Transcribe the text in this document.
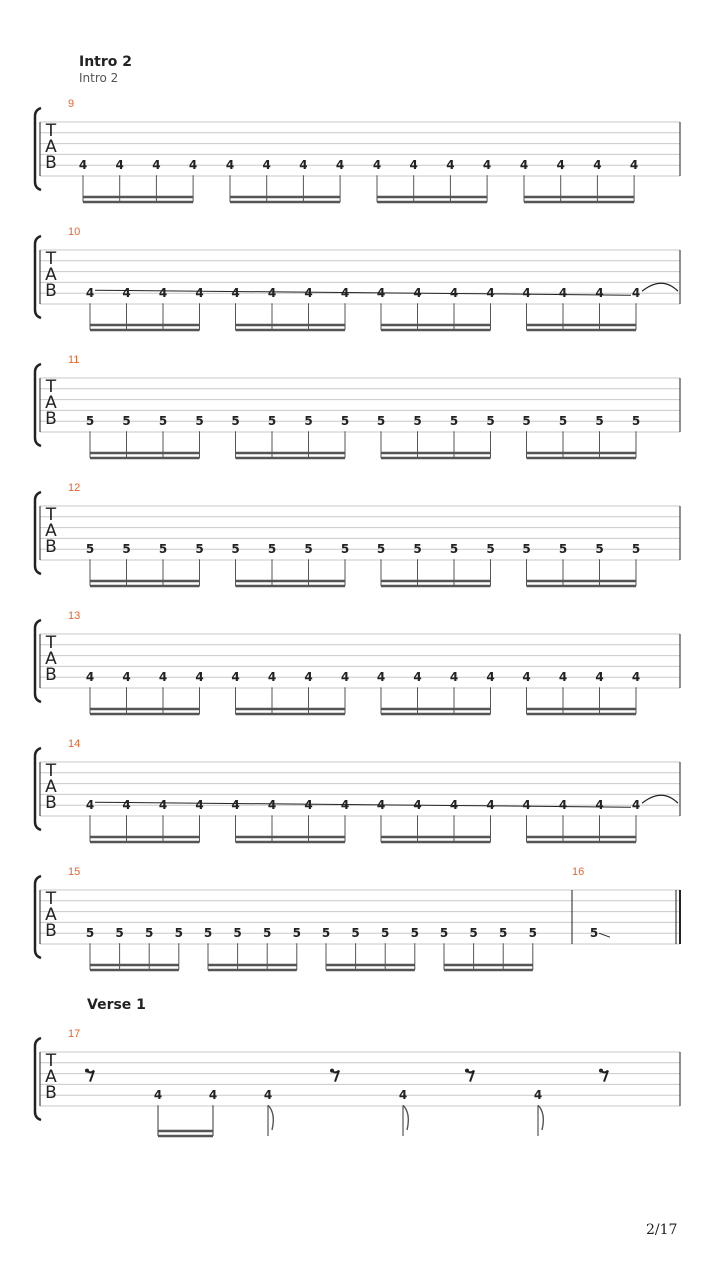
Intro 2
Intro 2
Verse 1
2/17
T
A
B
9
4 4 4 4 4 4 4 4 4 4 4 4 4 4 4 4
T
A
B
10
4 4 4 4 4 4 4 4 4 4 4 4 4 4 4 4
T
A
B
11
5 5 5 5 5 5 5 5 5 5 5 5 5 5 5 5
T
A
B
12
5 5 5 5 5 5 5 5 5 5 5 5 5 5 5 5
T
A
B
13
4 4 4 4 4 4 4 4 4 4 4 4 4 4 4 4
T
A
B
14
4 4 4 4 4 4 4 4 4 4 4 4 4 4 4 4
T
A
B
15
5 5 5 5 5 5 5 5 5 5 5 5 5 5 5 5
16
5
T
A
B
17
4	4	4	4	4
